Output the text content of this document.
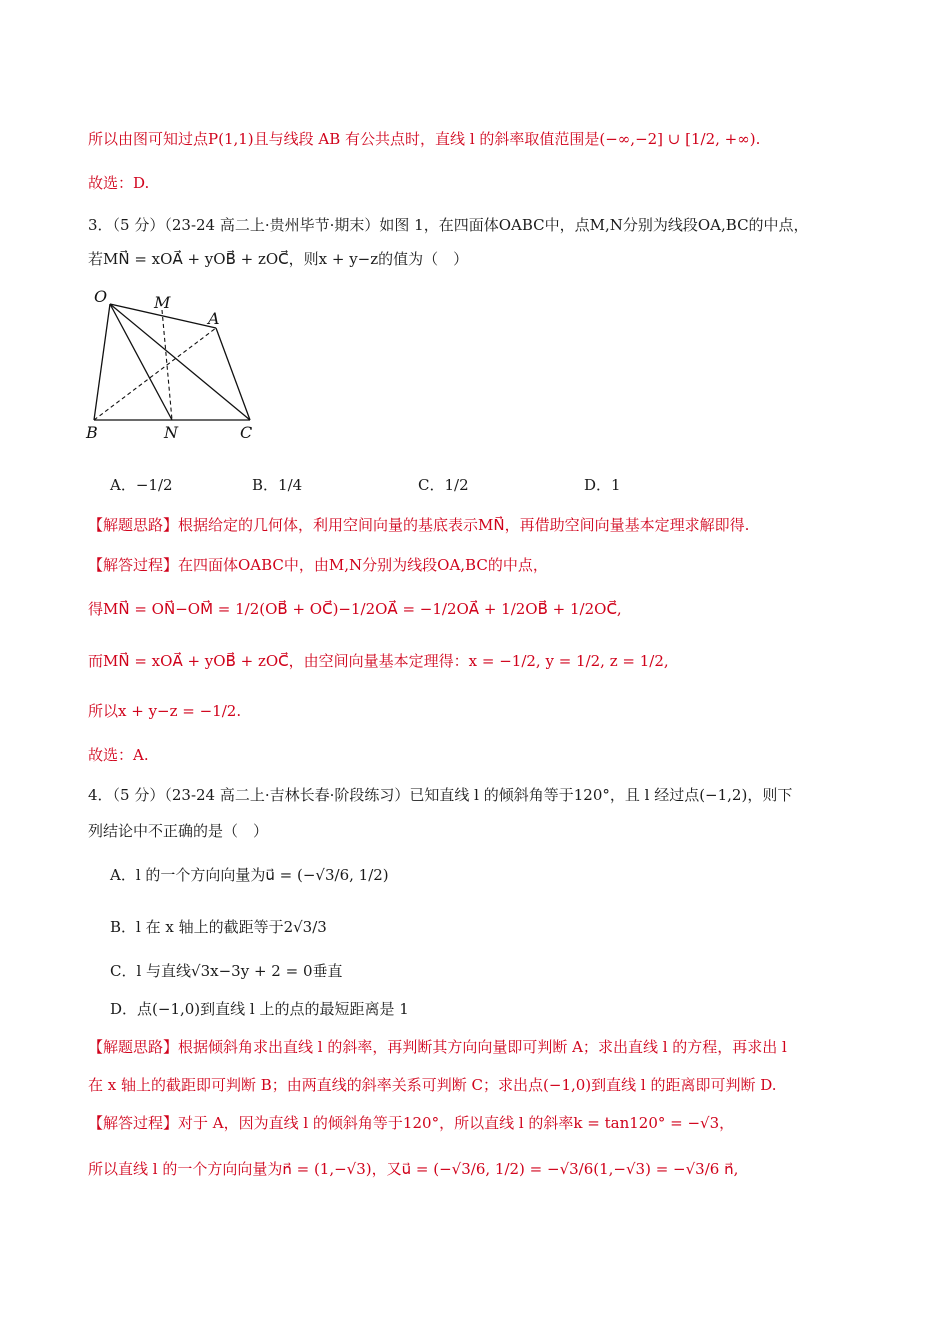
所以由图可知过点P(1,1)且与线段 AB 有公共点时，直线 l 的斜率取值范围是(−∞,−2] ∪ [1/2, +∞).
故选：D.
3．（5 分）（23-24 高二上·贵州毕节·期末）如图 1，在四面体OABC中，点M,N分别为线段OA,BC的中点，
若MN⃗ = xOA⃗ + yOB⃗ + zOC⃗，则x + y−z的值为（　）
O	M
A
B	N	C
A．−1/2	B．1/4	C．1/2	D．1
【解题思路】根据给定的几何体，利用空间向量的基底表示MN⃗，再借助空间向量基本定理求解即得.
【解答过程】在四面体OABC中，由M,N分别为线段OA,BC的中点，
得MN⃗ = ON⃗−OM⃗ = 1/2(OB⃗ + OC⃗)−1/2OA⃗ = −1/2OA⃗ + 1/2OB⃗ + 1/2OC⃗,
而MN⃗ = xOA⃗ + yOB⃗ + zOC⃗，由空间向量基本定理得：x = −1/2, y = 1/2, z = 1/2,
所以x + y−z = −1/2.
故选：A.
4．（5 分）（23-24 高二上·吉林长春·阶段练习）已知直线 l 的倾斜角等于120°，且 l 经过点(−1,2)，则下
列结论中不正确的是（　）
A．l 的一个方向向量为u⃗ = (−√3/6, 1/2)
B．l 在 x 轴上的截距等于2√3/3
C．l 与直线√3x−3y + 2 = 0垂直
D．点(−1,0)到直线 l 上的点的最短距离是 1
【解题思路】根据倾斜角求出直线 l 的斜率，再判断其方向向量即可判断 A；求出直线 l 的方程，再求出 l
在 x 轴上的截距即可判断 B；由两直线的斜率关系可判断 C；求出点(−1,0)到直线 l 的距离即可判断 D.
【解答过程】对于 A，因为直线 l 的倾斜角等于120°，所以直线 l 的斜率k = tan120° = −√3，
所以直线 l 的一个方向向量为n⃗ = (1,−√3)，又u⃗ = (−√3/6, 1/2) = −√3/6(1,−√3) = −√3/6 n⃗,
